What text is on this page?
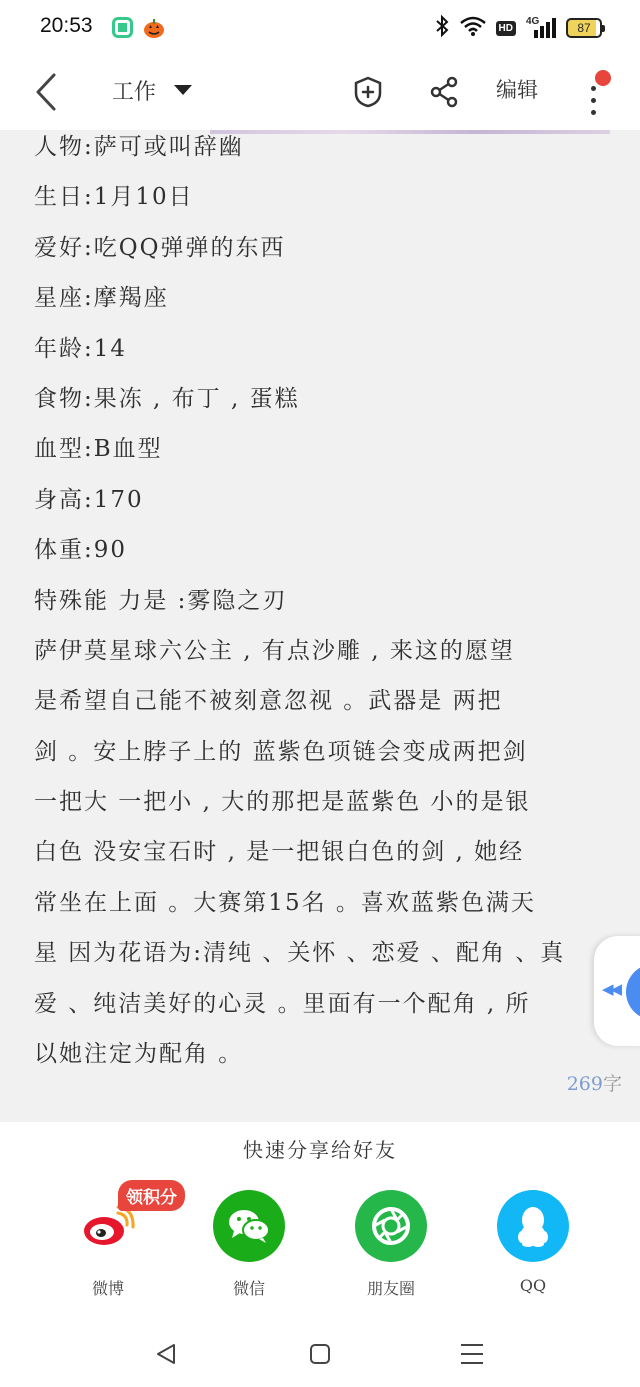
20:53	HD
4G	87
工作	编辑
人物:萨可或叫辞幽
生日:1月10日
爱好:吃QQ弹弹的东西
星座:摩羯座
年龄:14
食物:果冻 , 布丁 , 蛋糕
血型:B血型
身高:170
体重:90
特殊能 力是 :雾隐之刃
萨伊莫星球六公主 , 有点沙雕 , 来这的愿望
是希望自己能不被刻意忽视 。武器是 两把
剑 。安上脖子上的 蓝紫色项链会变成两把剑
一把大 一把小 , 大的那把是蓝紫色 小的是银
白色 没安宝石时 , 是一把银白色的剑 , 她经
常坐在上面 。大赛第15名 。喜欢蓝紫色满天
星 因为花语为:清纯 、关怀 、恋爱 、配角 、真
爱 、纯洁美好的心灵 。里面有一个配角 , 所
以她注定为配角 。
269字
◀◀
快速分享给好友
微博
领积分
微信	朋友圈	QQ
